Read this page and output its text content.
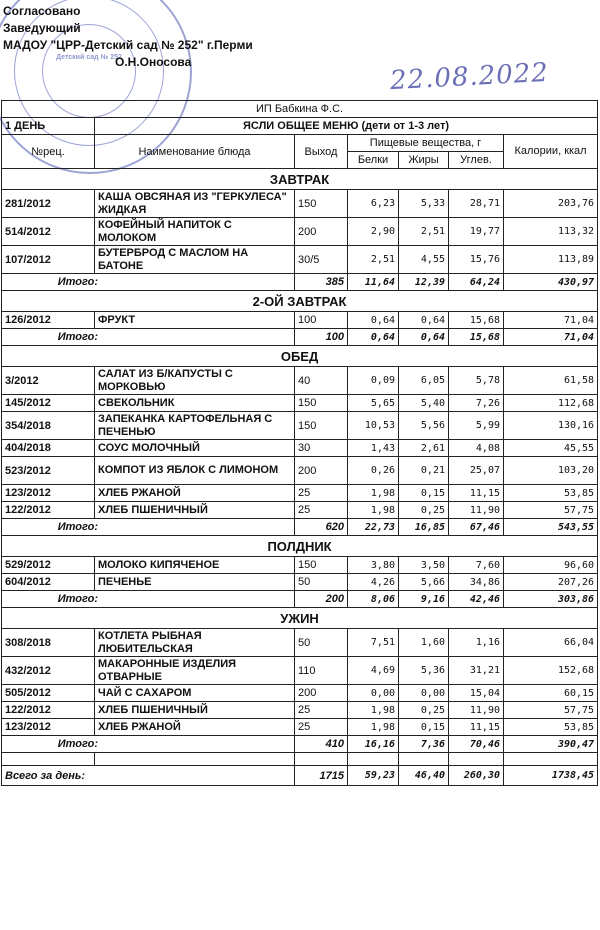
Детский сад № 252
Согласовано
Заведующий
МАДОУ "ЦРР-Детский сад № 252" г.Перми
О.Н.Оносова	22.08.2022
ИП Бабкина Ф.С.						
1 ДЕНЬ	ЯСЛИ ОБЩЕЕ МЕНЮ (дети от 1-3 лет)					
№рец.	Наименование блюда	Выход	Пищевые вещества, г			Калории, ккал
			Белки	Жиры	Углев.	
ЗАВТРАК						
281/2012	КАША ОВСЯНАЯ ИЗ "ГЕРКУЛЕСА" ЖИДКАЯ	150	6,23	5,33	28,71	203,76
514/2012	КОФЕЙНЫЙ НАПИТОК С МОЛОКОМ	200	2,90	2,51	19,77	113,32
107/2012	БУТЕРБРОД С МАСЛОМ НА БАТОНЕ	30/5	2,51	4,55	15,76	113,89
Итого:		385	11,64	12,39	64,24	430,97
2-ОЙ ЗАВТРАК						
126/2012	ФРУКТ	100	0,64	0,64	15,68	71,04
Итого:		100	0,64	0,64	15,68	71,04
ОБЕД						
3/2012	САЛАТ ИЗ Б/КАПУСТЫ С МОРКОВЬЮ	40	0,09	6,05	5,78	61,58
145/2012	СВЕКОЛЬНИК	150	5,65	5,40	7,26	112,68
354/2018	ЗАПЕКАНКА КАРТОФЕЛЬНАЯ С ПЕЧЕНЬЮ	150	10,53	5,56	5,99	130,16
404/2018	СОУС МОЛОЧНЫЙ	30	1,43	2,61	4,08	45,55
523/2012	КОМПОТ ИЗ ЯБЛОК С ЛИМОНОМ	200	0,26	0,21	25,07	103,20
123/2012	ХЛЕБ РЖАНОЙ	25	1,98	0,15	11,15	53,85
122/2012	ХЛЕБ ПШЕНИЧНЫЙ	25	1,98	0,25	11,90	57,75
Итого:		620	22,73	16,85	67,46	543,55
ПОЛДНИК						
529/2012	МОЛОКО КИПЯЧЕНОЕ	150	3,80	3,50	7,60	96,60
604/2012	ПЕЧЕНЬЕ	50	4,26	5,66	34,86	207,26
Итого:		200	8,06	9,16	42,46	303,86
УЖИН						
308/2018	КОТЛЕТА РЫБНАЯ ЛЮБИТЕЛЬСКАЯ	50	7,51	1,60	1,16	66,04
432/2012	МАКАРОННЫЕ ИЗДЕЛИЯ ОТВАРНЫЕ	110	4,69	5,36	31,21	152,68
505/2012	ЧАЙ С САХАРОМ	200	0,00	0,00	15,04	60,15
122/2012	ХЛЕБ ПШЕНИЧНЫЙ	25	1,98	0,25	11,90	57,75
123/2012	ХЛЕБ РЖАНОЙ	25	1,98	0,15	11,15	53,85
Итого:		410	16,16	7,36	70,46	390,47

Всего за день:		1715	59,23	46,40	260,30	1738,45
